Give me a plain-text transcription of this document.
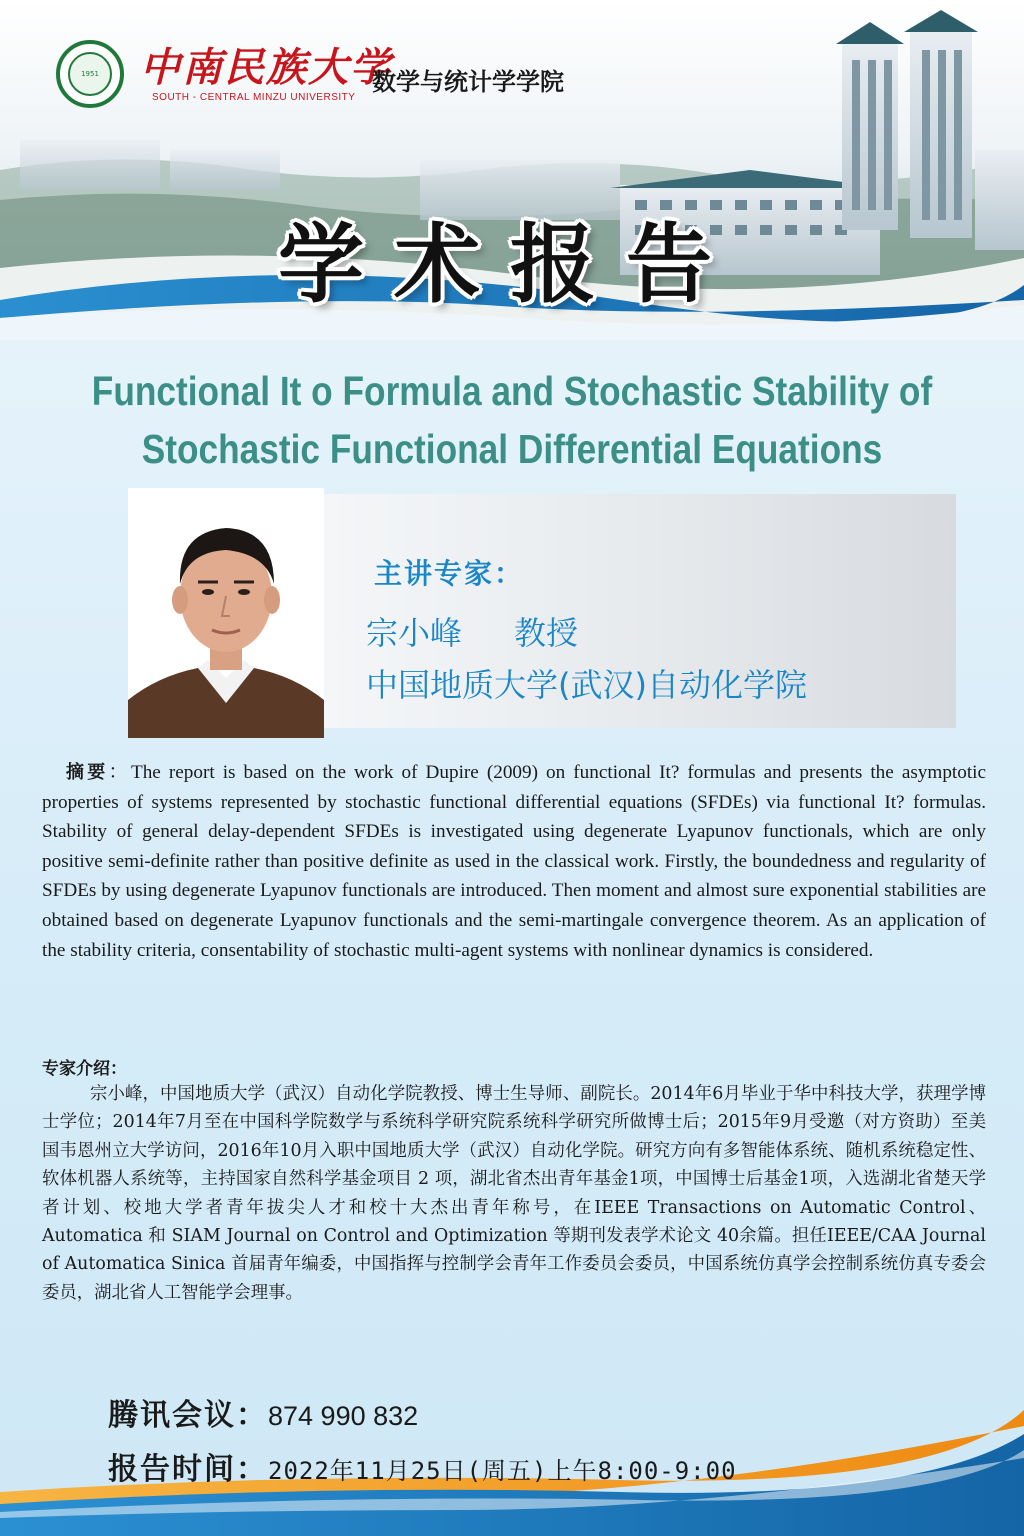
1951	中南民族大学
SOUTH - CENTRAL MINZU UNIVERSITY
数学与统计学学院
学术报告
Functional It o Formula and Stochastic Stability of
Stochastic Functional Differential Equations
主讲专家：
宗小峰 教授
中国地质大学(武汉)自动化学院
摘要：The report is based on the work of Dupire (2009) on functional It? formulas and presents the asymptotic properties of systems represented by stochastic functional differential equations (SFDEs) via functional It? formulas. Stability of general delay-dependent SFDEs is investigated using degenerate Lyapunov functionals, which are only positive semi-definite rather than positive definite as used in the classical work. Firstly, the boundedness and regularity of SFDEs by using degenerate Lyapunov functionals are introduced. Then moment and almost sure exponential stabilities are obtained based on degenerate Lyapunov functionals and the semi-martingale convergence theorem. As an application of the stability criteria, consentability of stochastic multi-agent systems with nonlinear dynamics is considered.
专家介绍：
宗小峰，中国地质大学（武汉）自动化学院教授、博士生导师、副院长。2014年6月毕业于华中科技大学，获理学博士学位；2014年7月至在中国科学院数学与系统科学研究院系统科学研究所做博士后；2015年9月受邀（对方资助）至美国韦恩州立大学访问，2016年10月入职中国地质大学（武汉）自动化学院。研究方向有多智能体系统、随机系统稳定性、软体机器人系统等，主持国家自然科学基金项目 2 项，湖北省杰出青年基金1项，中国博士后基金1项，入选湖北省楚天学者计划、校地大学者青年拔尖人才和校十大杰出青年称号，在IEEE Transactions on Automatic Control、Automatica 和 SIAM Journal on Control and Optimization 等期刊发表学术论文 40余篇。担任IEEE/CAA Journal of Automatica Sinica 首届青年编委，中国指挥与控制学会青年工作委员会委员，中国系统仿真学会控制系统仿真专委会委员，湖北省人工智能学会理事。
腾讯会议：874 990 832
报告时间：2022年11月25日(周五)上午8:00-9:00
